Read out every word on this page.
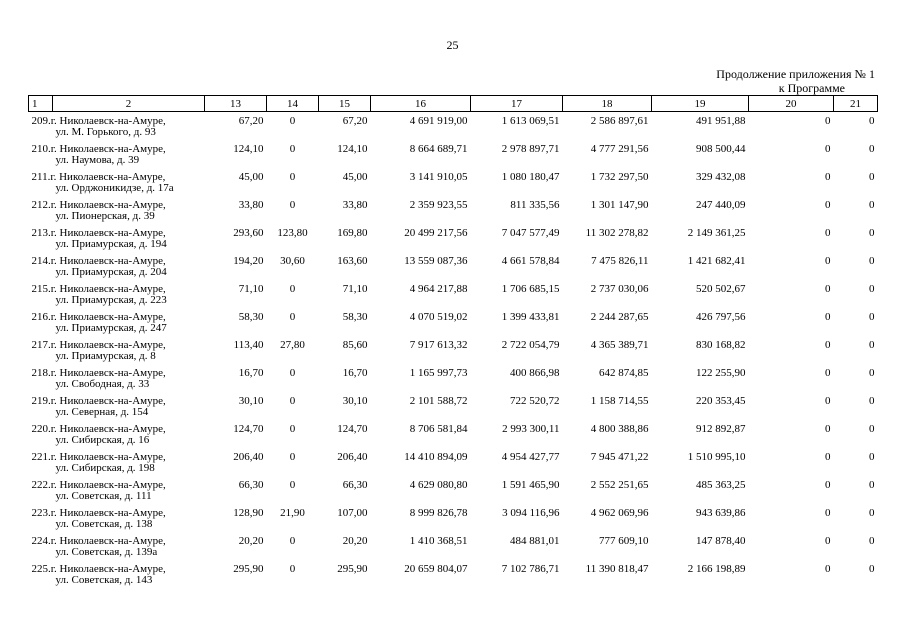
25
Продолжение приложения № 1
к Программе
1	2	13	14	15	16	17	18	19	20	21
209.г. Николаевск-на-Амуре,
ул. М. Горького, д. 93		67,20	0	67,20	4 691 919,00	1 613 069,51	2 586 897,61	491 951,88	0	0
210.г. Николаевск-на-Амуре,
ул. Наумова, д. 39		124,10	0	124,10	8 664 689,71	2 978 897,71	4 777 291,56	908 500,44	0	0
211.г. Николаевск-на-Амуре,
ул. Орджоникидзе, д. 17а		45,00	0	45,00	3 141 910,05	1 080 180,47	1 732 297,50	329 432,08	0	0
212.г. Николаевск-на-Амуре,
ул. Пионерская, д. 39		33,80	0	33,80	2 359 923,55	811 335,56	1 301 147,90	247 440,09	0	0
213.г. Николаевск-на-Амуре,
ул. Приамурская, д. 194		293,60	123,80	169,80	20 499 217,56	7 047 577,49	11 302 278,82	2 149 361,25	0	0
214.г. Николаевск-на-Амуре,
ул. Приамурская, д. 204		194,20	30,60	163,60	13 559 087,36	4 661 578,84	7 475 826,11	1 421 682,41	0	0
215.г. Николаевск-на-Амуре,
ул. Приамурская, д. 223		71,10	0	71,10	4 964 217,88	1 706 685,15	2 737 030,06	520 502,67	0	0
216.г. Николаевск-на-Амуре,
ул. Приамурская, д. 247		58,30	0	58,30	4 070 519,02	1 399 433,81	2 244 287,65	426 797,56	0	0
217.г. Николаевск-на-Амуре,
ул. Приамурская, д. 8		113,40	27,80	85,60	7 917 613,32	2 722 054,79	4 365 389,71	830 168,82	0	0
218.г. Николаевск-на-Амуре,
ул. Свободная, д. 33		16,70	0	16,70	1 165 997,73	400 866,98	642 874,85	122 255,90	0	0
219.г. Николаевск-на-Амуре,
ул. Северная, д. 154		30,10	0	30,10	2 101 588,72	722 520,72	1 158 714,55	220 353,45	0	0
220.г. Николаевск-на-Амуре,
ул. Сибирская, д. 16		124,70	0	124,70	8 706 581,84	2 993 300,11	4 800 388,86	912 892,87	0	0
221.г. Николаевск-на-Амуре,
ул. Сибирская, д. 198		206,40	0	206,40	14 410 894,09	4 954 427,77	7 945 471,22	1 510 995,10	0	0
222.г. Николаевск-на-Амуре,
ул. Советская, д. 111		66,30	0	66,30	4 629 080,80	1 591 465,90	2 552 251,65	485 363,25	0	0
223.г. Николаевск-на-Амуре,
ул. Советская, д. 138		128,90	21,90	107,00	8 999 826,78	3 094 116,96	4 962 069,96	943 639,86	0	0
224.г. Николаевск-на-Амуре,
ул. Советская, д. 139а		20,20	0	20,20	1 410 368,51	484 881,01	777 609,10	147 878,40	0	0
225.г. Николаевск-на-Амуре,
ул. Советская, д. 143		295,90	0	295,90	20 659 804,07	7 102 786,71	11 390 818,47	2 166 198,89	0	0
